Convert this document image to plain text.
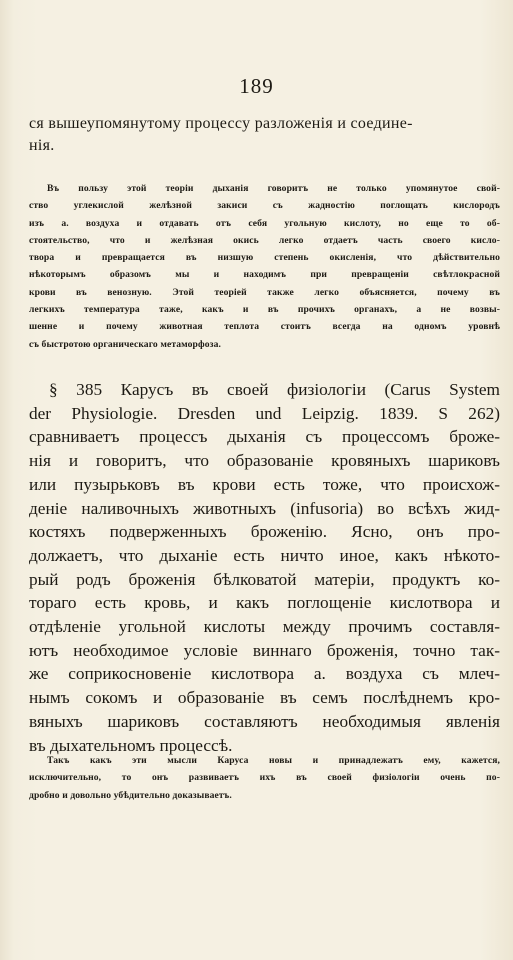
189
ся вышеупомянутому процессу разложенія и соедине-
нія.
Въ пользу этой теоріи дыханія говоритъ не только упомянутое свой-
ство углекислой желѣзной закиси съ жадностію поглощать кислородъ
изъ а. воздуха и отдавать отъ себя угольную кислоту, но еще то об-
стоятельство, что и желѣзная окись легко отдаетъ часть своего кисло-
твора и превращается въ низшую степень окисленія, что дѣйствительно
нѣкоторымъ образомъ мы и находимъ при превращеніи свѣтлокрасной
крови въ венозную. Этой теоріей также легко объясняется, почему въ
легкихъ температура таже, какъ и въ прочихъ органахъ, а не возвы-
шенне и почему животная теплота стоитъ всегда на одномъ уровнѣ
съ быстротою органическаго метаморфоза.
§ 385 Карусъ въ своей физіологіи (Carus System
der Physiologie. Dresden und Leipzig. 1839. S 262)
сравниваетъ процессъ дыханія съ процессомъ броже-
нія и говоритъ, что образованіе кровяныхъ шариковъ
или пузырьковъ въ крови есть тоже, что происхож-
деніе наливочныхъ животныхъ (infusoria) во всѣхъ жид-
костяхъ подверженныхъ броженію. Ясно, онъ про-
должаетъ, что дыханіе есть ничто иное, какъ нѣкото-
рый родъ броженія бѣлковатой матеріи, продуктъ ко-
тораго есть кровь, и какъ поглощеніе кислотвора и
отдѣленіе угольной кислоты между прочимъ составля-
ютъ необходимое условіе виннаго броженія, точно так-
же соприкосновеніе кислотвора а. воздуха съ млеч-
нымъ сокомъ и образованіе въ семъ послѣднемъ кро-
вяныхъ шариковъ составляютъ необходимыя явленія
въ дыхательномъ процессѣ.
Такъ какъ эти мысли Каруса новы и принадлежатъ ему, кажется,
исключительно, то онъ развиваетъ ихъ въ своей физіологіи очень по-
дробно и довольно убѣдительно доказываетъ.
